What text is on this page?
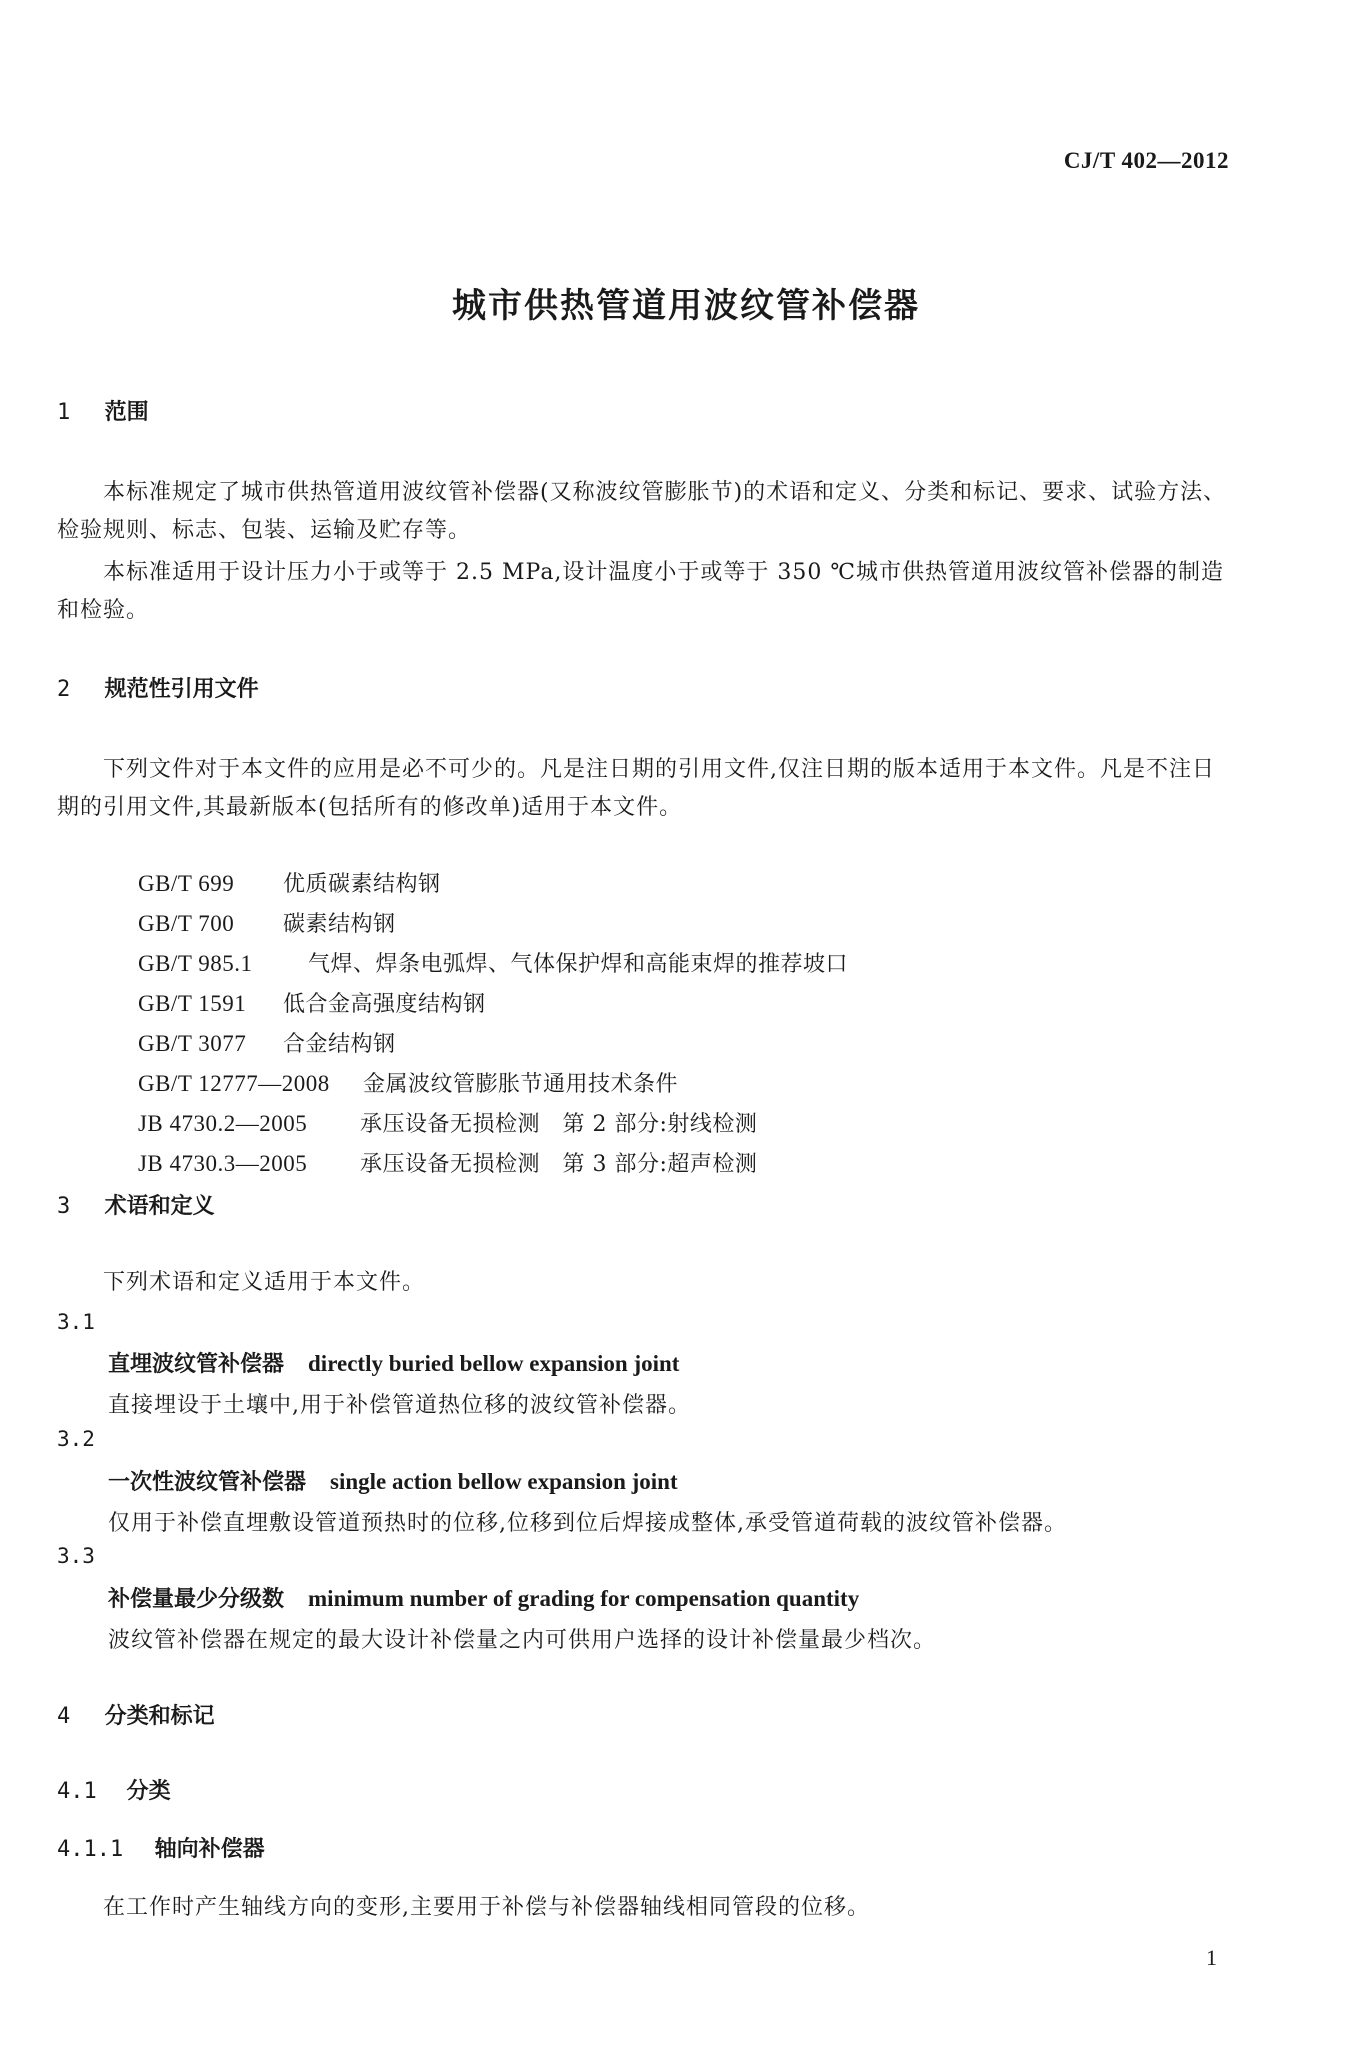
CJ/T 402—2012
城市供热管道用波纹管补偿器
1 范围
本标准规定了城市供热管道用波纹管补偿器(又称波纹管膨胀节)的术语和定义、分类和标记、要求、试验方法、检验规则、标志、包装、运输及贮存等。
本标准适用于设计压力小于或等于 2.5 MPa,设计温度小于或等于 350 ℃城市供热管道用波纹管补偿器的制造和检验。
2 规范性引用文件
下列文件对于本文件的应用是必不可少的。凡是注日期的引用文件,仅注日期的版本适用于本文件。凡是不注日期的引用文件,其最新版本(包括所有的修改单)适用于本文件。

GB/T 699 优质碳素结构钢

GB/T 700 碳素结构钢

GB/T 985.1	气焊、焊条电弧焊、气体保护焊和高能束焊的推荐坡口

GB/T 1591 低合金高强度结构钢

GB/T 3077 合金结构钢

GB/T 12777—2008 金属波纹管膨胀节通用技术条件

JB 4730.2—2005 承压设备无损检测　第 2 部分:射线检测

JB 4730.3—2005 承压设备无损检测　第 3 部分:超声检测

3 术语和定义
下列术语和定义适用于本文件。
3.1
直埋波纹管补偿器 directly buried bellow expansion joint
直接埋设于土壤中,用于补偿管道热位移的波纹管补偿器。
3.2
一次性波纹管补偿器 single action bellow expansion joint
仅用于补偿直埋敷设管道预热时的位移,位移到位后焊接成整体,承受管道荷载的波纹管补偿器。
3.3
补偿量最少分级数 minimum number of grading for compensation quantity
波纹管补偿器在规定的最大设计补偿量之内可供用户选择的设计补偿量最少档次。
4 分类和标记
4.1 分类
4.1.1 轴向补偿器
在工作时产生轴线方向的变形,主要用于补偿与补偿器轴线相同管段的位移。
1
